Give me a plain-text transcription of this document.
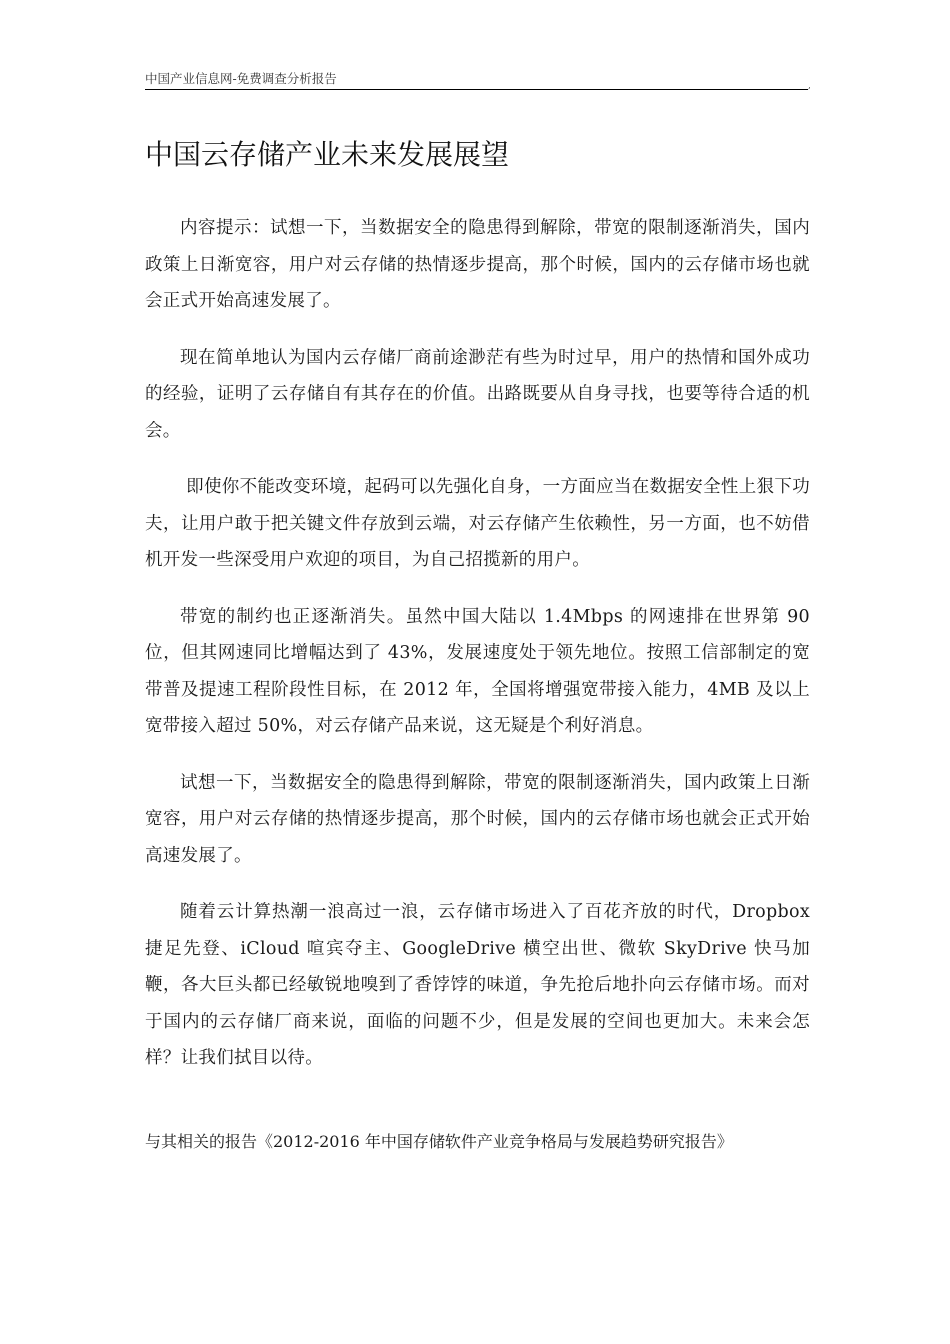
中国产业信息网-免费调查分析报告	,
中国云存储产业未来发展展望

内容提示：试想一下，当数据安全的隐患得到解除，带宽的限制逐渐消失，国内政策上日渐宽容，用户对云存储的热情逐步提高，那个时候，国内的云存储市场也就会正式开始高速发展了。

现在简单地认为国内云存储厂商前途渺茫有些为时过早，用户的热情和国外成功的经验，证明了云存储自有其存在的价值。出路既要从自身寻找，也要等待合适的机会。

即使你不能改变环境，起码可以先强化自身，一方面应当在数据安全性上狠下功夫，让用户敢于把关键文件存放到云端，对云存储产生依赖性，另一方面，也不妨借机开发一些深受用户欢迎的项目，为自己招揽新的用户。

带宽的制约也正逐渐消失。虽然中国大陆以 1.4Mbps 的网速排在世界第 90 位，但其网速同比增幅达到了 43%，发展速度处于领先地位。按照工信部制定的宽带普及提速工程阶段性目标，在 2012 年，全国将增强宽带接入能力，4MB 及以上宽带接入超过 50%，对云存储产品来说，这无疑是个利好消息。

试想一下，当数据安全的隐患得到解除，带宽的限制逐渐消失，国内政策上日渐宽容，用户对云存储的热情逐步提高，那个时候，国内的云存储市场也就会正式开始高速发展了。

随着云计算热潮一浪高过一浪，云存储市场进入了百花齐放的时代，Dropbox 捷足先登、iCloud 喧宾夺主、GoogleDrive 横空出世、微软 SkyDrive 快马加鞭，各大巨头都已经敏锐地嗅到了香饽饽的味道，争先抢后地扑向云存储市场。而对于国内的云存储厂商来说，面临的问题不少，但是发展的空间也更加大。未来会怎样？让我们拭目以待。

与其相关的报告《2012-2016 年中国存储软件产业竞争格局与发展趋势研究报告》
